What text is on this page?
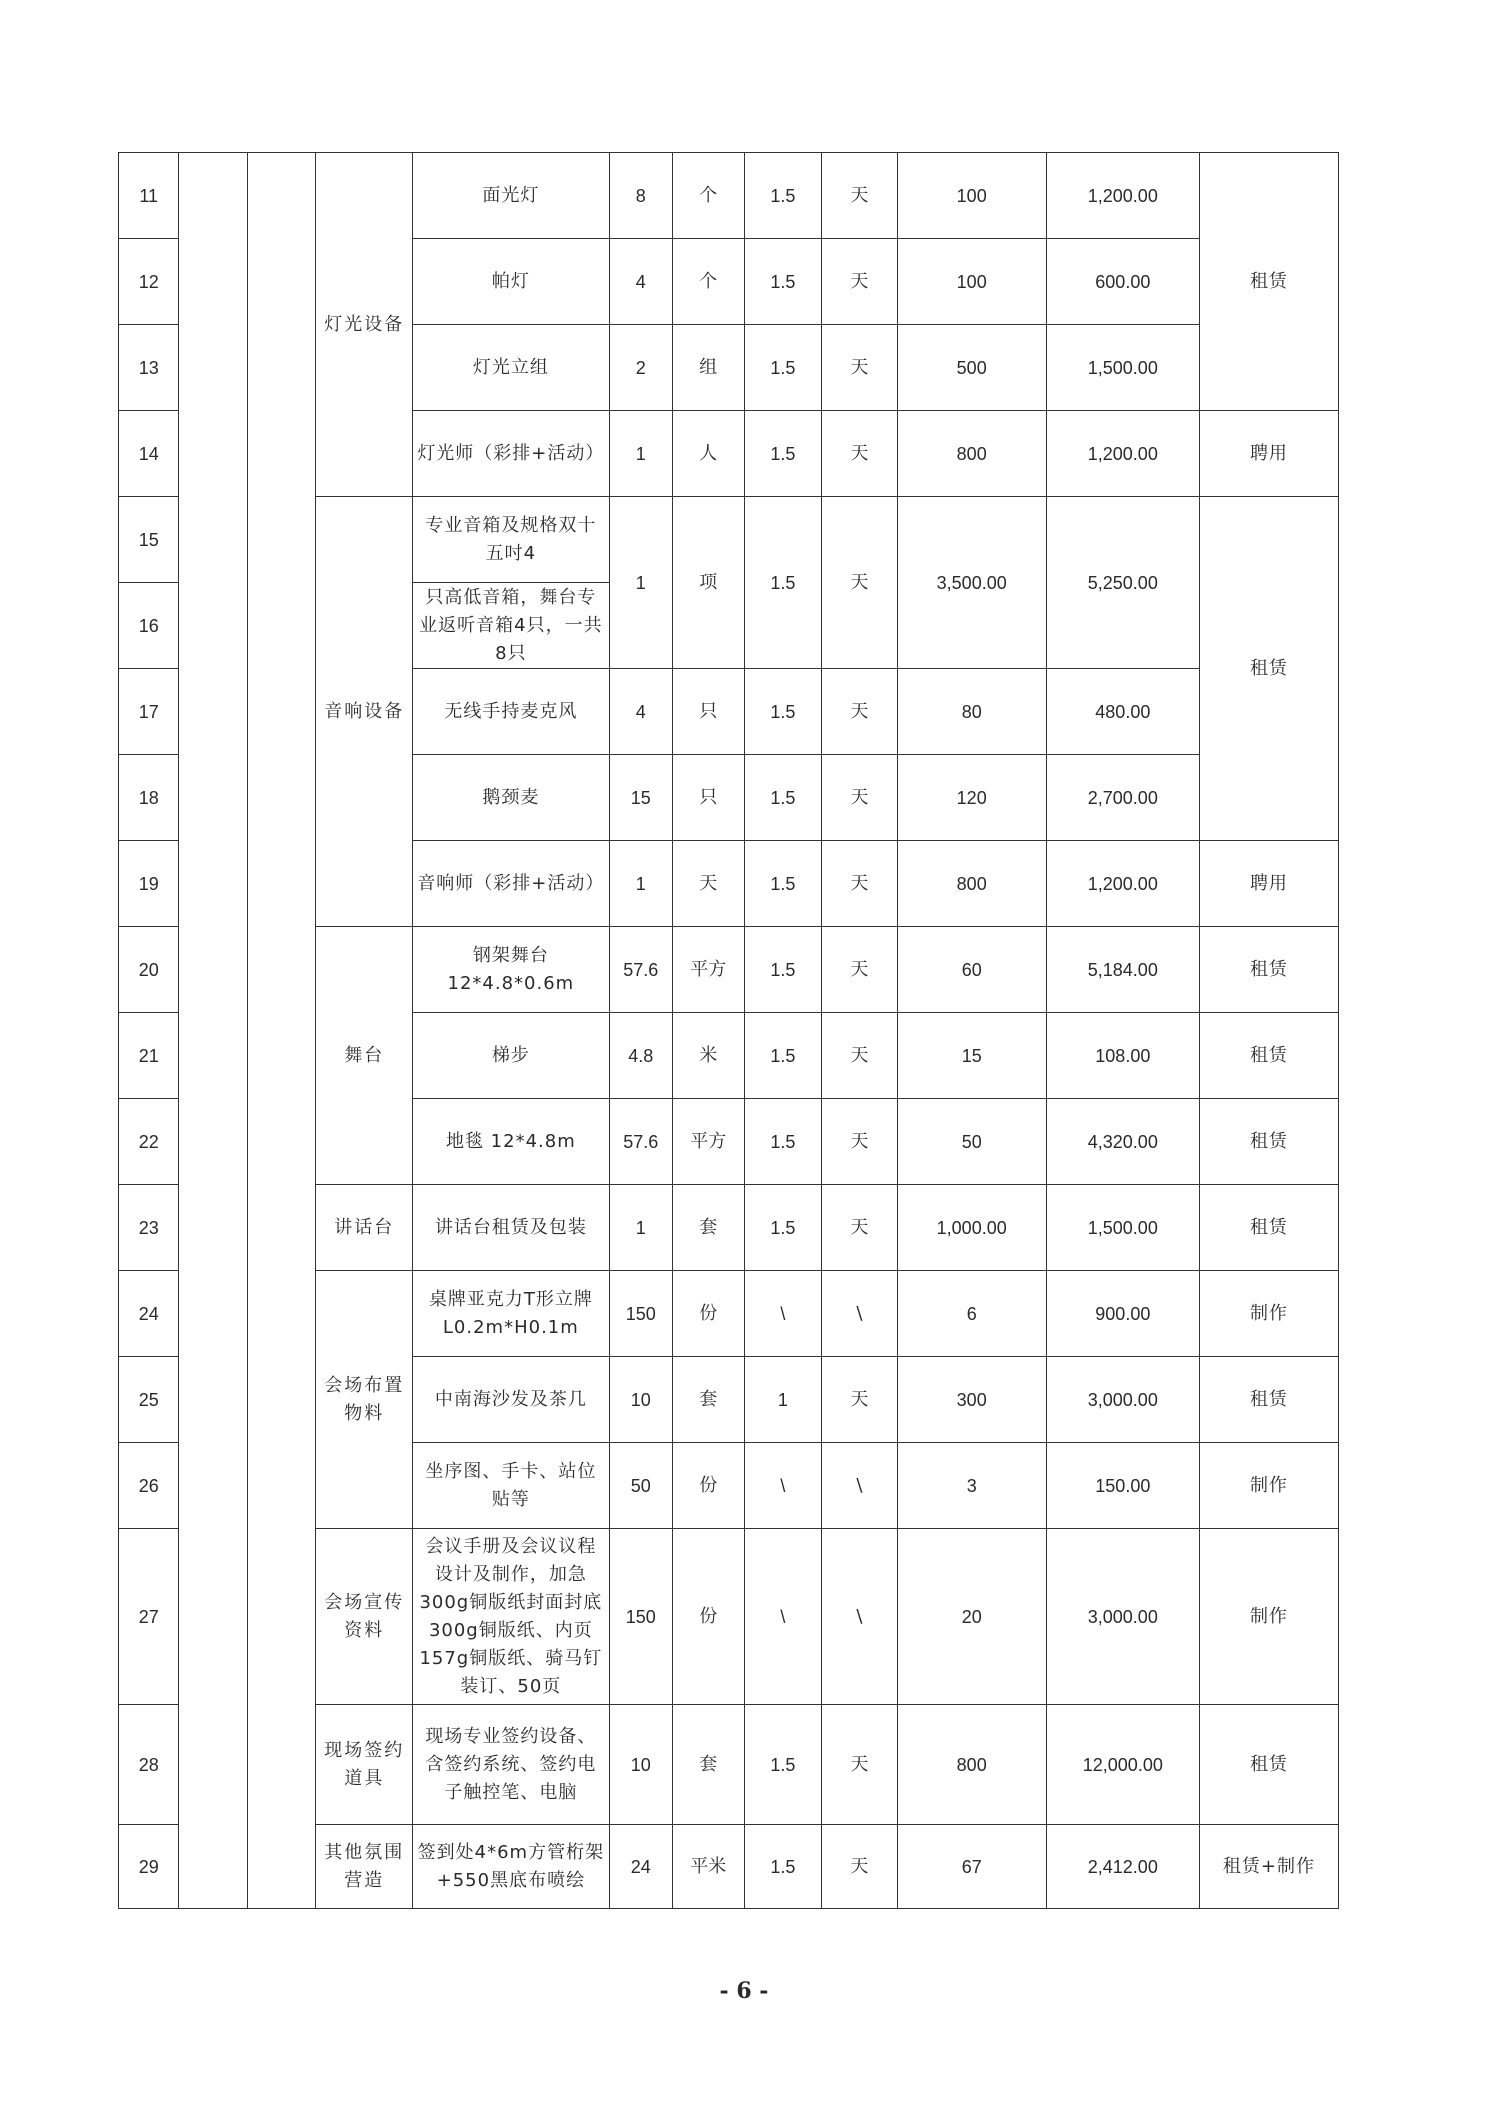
11			灯光设备	面光灯	8	个	1.5	天	100	1,200.00	租赁
12				帕灯	4	个	1.5	天	100	600.00	
13				灯光立组	2	组	1.5	天	500	1,500.00	
14				灯光师（彩排+活动）	1	人	1.5	天	800	1,200.00	聘用
15			音响设备	专业音箱及规格双十五吋4	1	项	1.5	天	3,500.00	5,250.00	租赁
16				只高低音箱，舞台专业返听音箱4只，一共8只							
17				无线手持麦克风	4	只	1.5	天	80	480.00	
18				鹅颈麦	15	只	1.5	天	120	2,700.00	
19				音响师（彩排+活动）	1	天	1.5	天	800	1,200.00	聘用
20			舞台	钢架舞台 12*4.8*0.6m	57.6	平方	1.5	天	60	5,184.00	租赁
21				梯步	4.8	米	1.5	天	15	108.00	租赁
22				地毯 12*4.8m	57.6	平方	1.5	天	50	4,320.00	租赁
23			讲话台	讲话台租赁及包装	1	套	1.5	天	1,000.00	1,500.00	租赁
24			会场布置物料	桌牌亚克力T形立牌 L0.2m*H0.1m	150	份	\	\	6	900.00	制作
25				中南海沙发及茶几	10	套	1	天	300	3,000.00	租赁
26				坐序图、手卡、站位贴等	50	份	\	\	3	150.00	制作
27			会场宣传资料	会议手册及会议议程设计及制作，加急300g铜版纸封面封底300g铜版纸、内页157g铜版纸、骑马钉装订、50页	150	份	\	\	20	3,000.00	制作
28			现场签约道具	现场专业签约设备、含签约系统、签约电子触控笔、电脑	10	套	1.5	天	800	12,000.00	租赁
29			其他氛围营造	签到处4*6m方管桁架+550黑底布喷绘	24	平米	1.5	天	67	2,412.00	租赁+制作
- 6 -
